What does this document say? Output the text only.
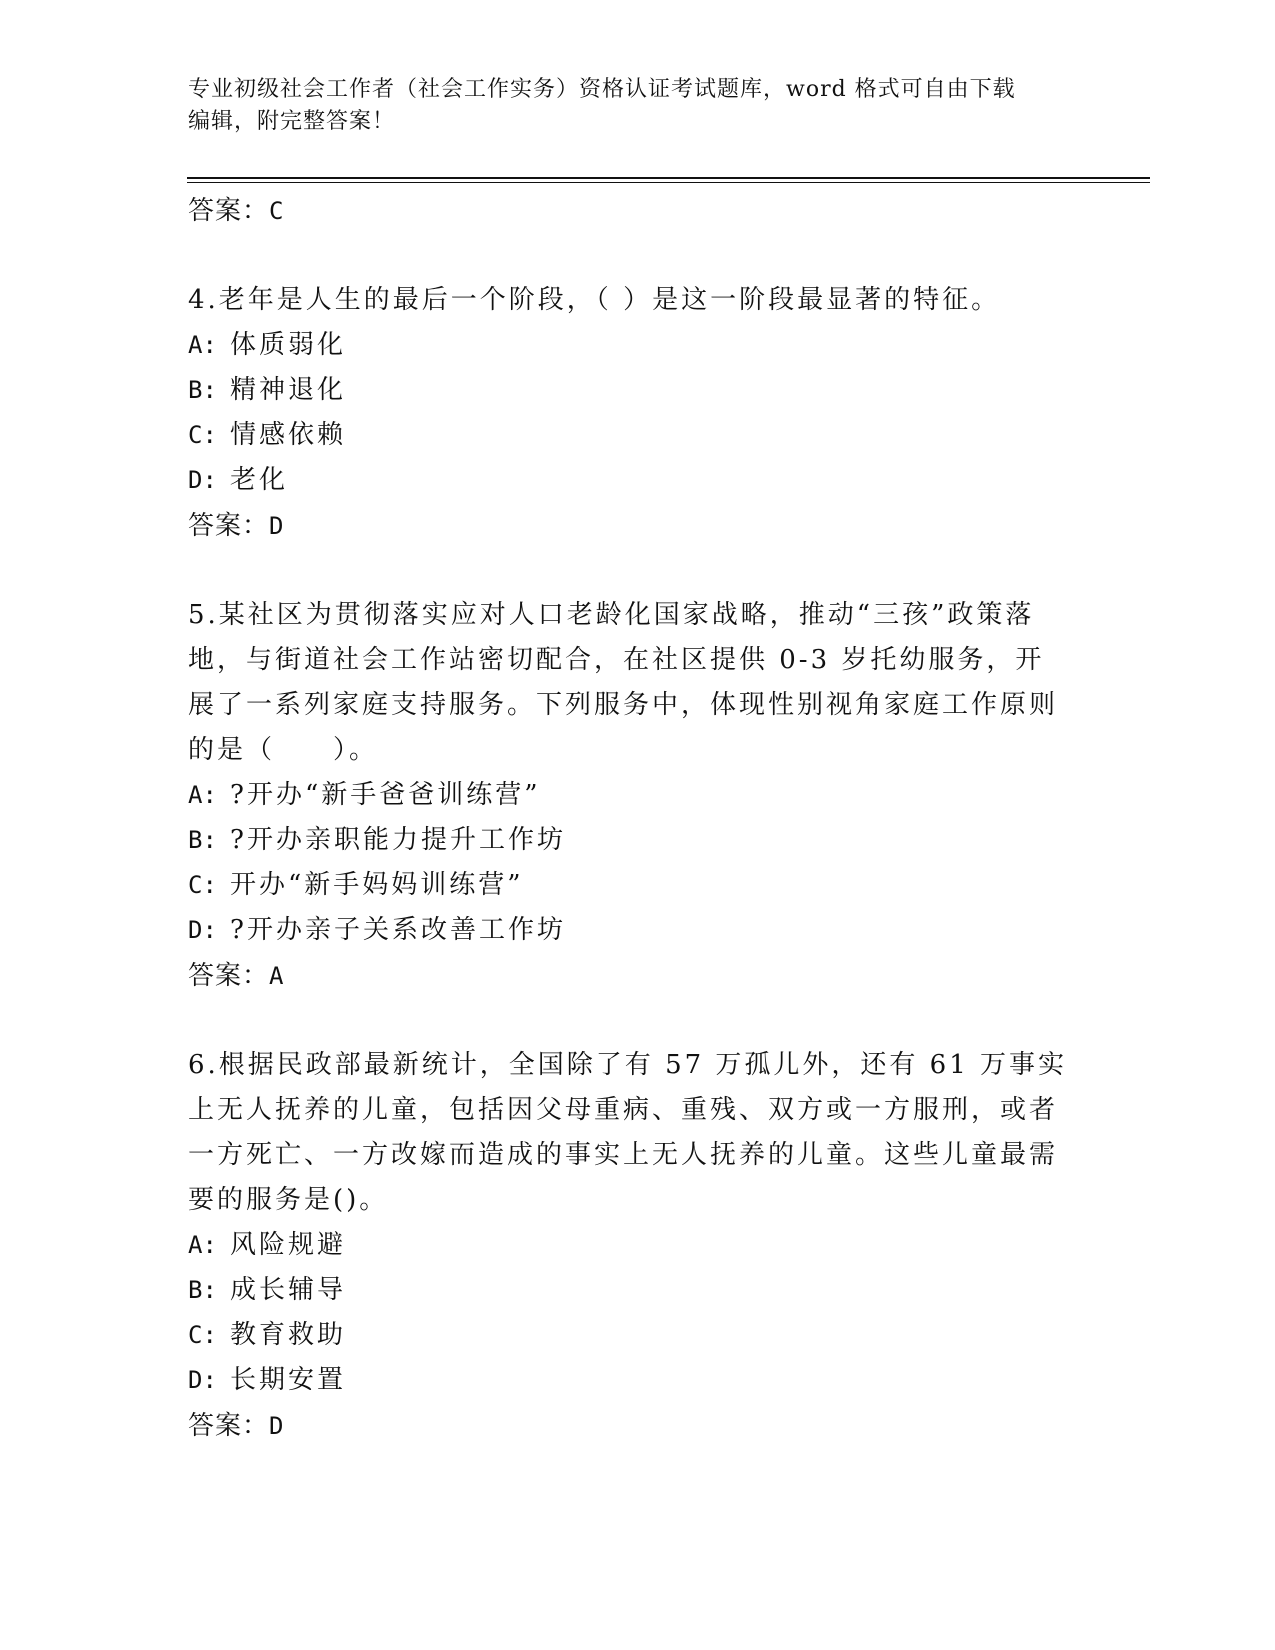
专业初级社会工作者（社会工作实务）资格认证考试题库，word 格式可自由下载
编辑，附完整答案！
答案：C

4.老年是人生的最后一个阶段，（ ）是这一阶段最显著的特征。

A: 体质弱化
B: 精神退化
C: 情感依赖
D: 老化
答案：D

5.某社区为贯彻落实应对人口老龄化国家战略，推动“三孩”政策落地，与街道社会工作站密切配合，在社区提供 0-3 岁托幼服务，开展了一系列家庭支持服务。下列服务中，体现性别视角家庭工作原则的是（　　）。

A: ?开办“新手爸爸训练营”
B: ?开办亲职能力提升工作坊
C: 开办“新手妈妈训练营”
D: ?开办亲子关系改善工作坊
答案：A

6.根据民政部最新统计，全国除了有 57 万孤儿外，还有 61 万事实上无人抚养的儿童，包括因父母重病、重残、双方或一方服刑，或者一方死亡、一方改嫁而造成的事实上无人抚养的儿童。这些儿童最需要的服务是()。

A: 风险规避
B: 成长辅导
C: 教育救助
D: 长期安置
答案：D
